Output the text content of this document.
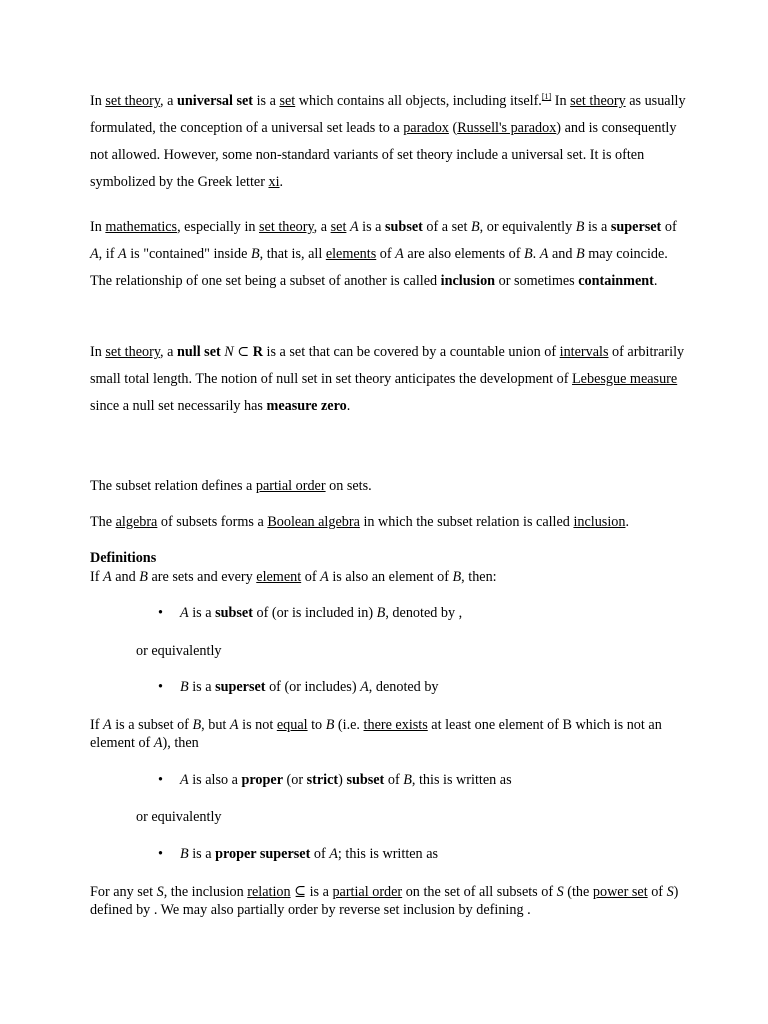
In set theory, a universal set is a set which contains all objects, including itself.[1] In set theory as usually formulated, the conception of a universal set leads to a paradox (Russell's paradox) and is consequently not allowed. However, some non-standard variants of set theory include a universal set. It is often symbolized by the Greek letter xi.

In mathematics, especially in set theory, a set A is a subset of a set B, or equivalently B is a superset of A, if A is "contained" inside B, that is, all elements of A are also elements of B. A and B may coincide. The relationship of one set being a subset of another is called inclusion or sometimes containment.

In set theory, a null set N ⊂ R is a set that can be covered by a countable union of intervals of arbitrarily small total length. The notion of null set in set theory anticipates the development of Lebesgue measure since a null set necessarily has measure zero.

The subset relation defines a partial order on sets.

The algebra of subsets forms a Boolean algebra in which the subset relation is called inclusion.

Definitions

If A and B are sets and every element of A is also an element of B, then:

• A is a subset of (or is included in) B, denoted by ,

or equivalently

• B is a superset of (or includes) A, denoted by

If A is a subset of B, but A is not equal to B (i.e. there exists at least one element of B which is not an element of A), then

• A is also a proper (or strict) subset of B, this is written as

or equivalently

• B is a proper superset of A; this is written as

For any set S, the inclusion relation ⊆ is a partial order on the set of all subsets of S (the power set of S) defined by . We may also partially order by reverse set inclusion by defining .
